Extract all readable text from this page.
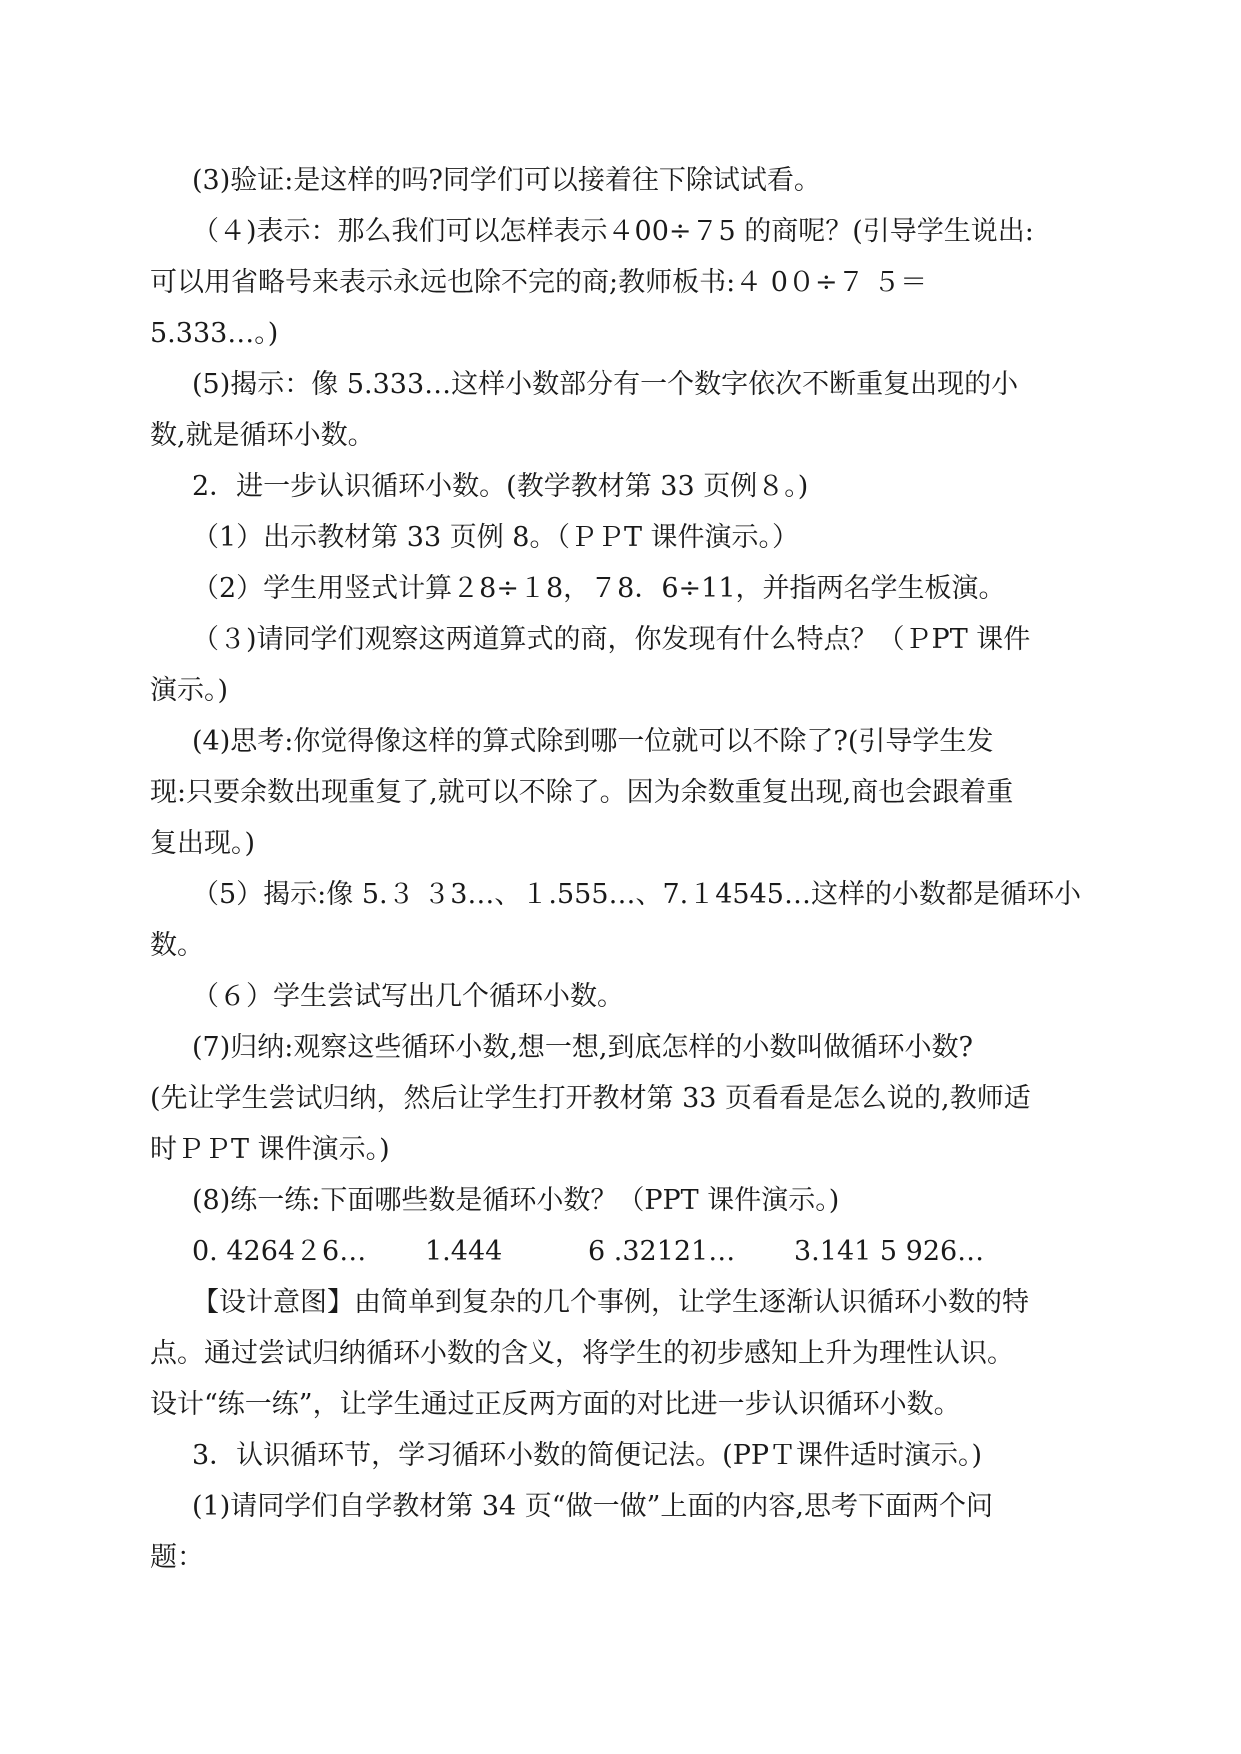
(3)验证:是这样的吗?同学们可以接着往下除试试看。
（４)表示：那么我们可以怎样表示４00÷７5 的商呢？(引导学生说出:
可以用省略号来表示永远也除不完的商;教师板书:４ 0０÷７ ５＝
5.333…。)
(5)揭示：像 5.333…这样小数部分有一个数字依次不断重复出现的小
数,就是循环小数。
2．进一步认识循环小数。(教学教材第 33 页例８。)
（1）出示教材第 33 页例 8。（ＰＰT 课件演示。）
（2）学生用竖式计算２8÷１8，７8．6÷11，并指两名学生板演。
（３)请同学们观察这两道算式的商，你发现有什么特点？（ＰPT 课件
演示。)
(4)思考:你觉得像这样的算式除到哪一位就可以不除了?(引导学生发
现:只要余数出现重复了,就可以不除了。因为余数重复出现,商也会跟着重
复出现。)
（5）揭示:像 5.３ ３3…、１.555…、7.１4545…这样的小数都是循环小
数。
（６）学生尝试写出几个循环小数。
(7)归纳:观察这些循环小数,想一想,到底怎样的小数叫做循环小数?
(先让学生尝试归纳，然后让学生打开教材第 33 页看看是怎么说的,教师适
时ＰＰT 课件演示。)
(8)练一练:下面哪些数是循环小数？（PPT 课件演示。)
0. 4264２6…	1.444	6 .32121…	3.141 5 926…
【设计意图】由简单到复杂的几个事例，让学生逐渐认识循环小数的特
点。通过尝试归纳循环小数的含义，将学生的初步感知上升为理性认识。
设计“练一练”，让学生通过正反两方面的对比进一步认识循环小数。
3．认识循环节，学习循环小数的简便记法。(PPＴ课件适时演示。)
(1)请同学们自学教材第 34 页“做一做”上面的内容,思考下面两个问
题：
